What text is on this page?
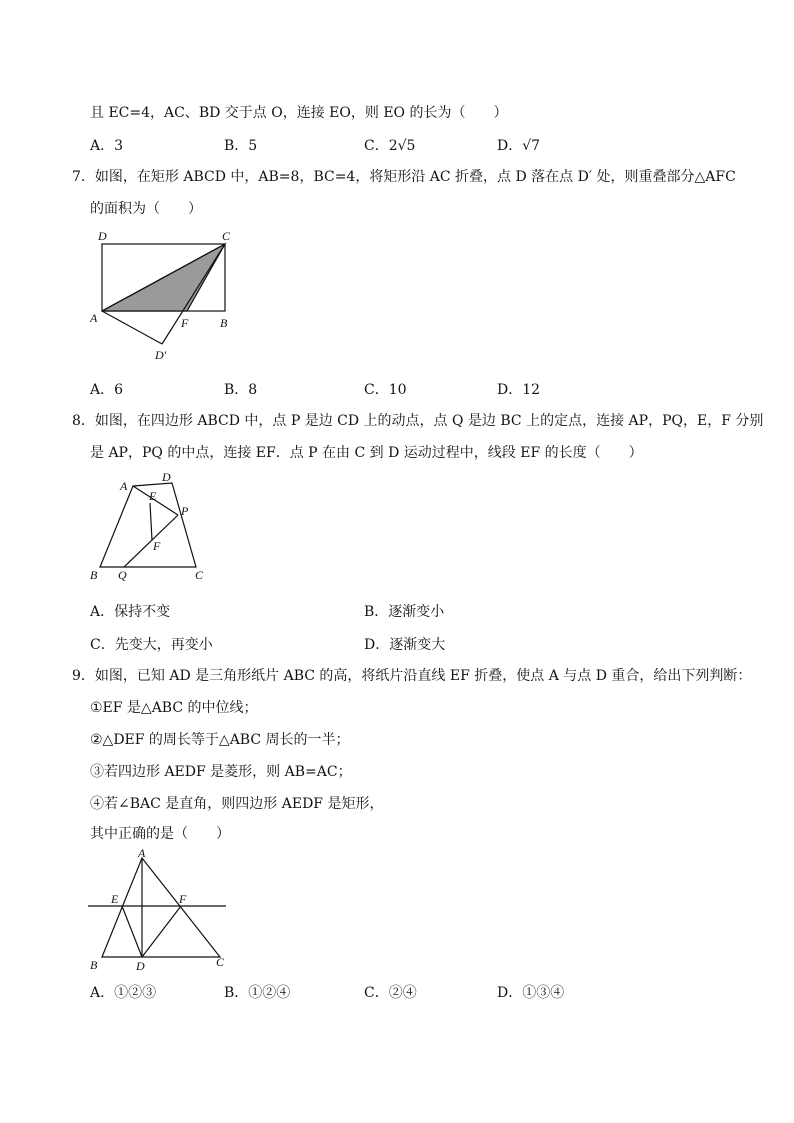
且 EC=4，AC、BD 交于点 O，连接 EO，则 EO 的长为（　　）
A．3	B．5	C．2√5	D．√7
7．如图，在矩形 ABCD 中，AB=8，BC=4，将矩形沿 AC 折叠，点 D 落在点 D′ 处，则重叠部分△AFC
的面积为（　　）
D	C
A	F	B
D′
A．6	B．8	C．10	D．12
8．如图，在四边形 ABCD 中，点 P 是边 CD 上的动点，点 Q 是边 BC 上的定点，连接 AP，PQ，E，F 分别
是 AP，PQ 的中点，连接 EF．点 P 在由 C 到 D 运动过程中，线段 EF 的长度（　　）
A
D
E
P
F
B Q	C
A．保持不变	B．逐渐变小
C．先变大，再变小	D．逐渐变大
9．如图，已知 AD 是三角形纸片 ABC 的高，将纸片沿直线 EF 折叠，使点 A 与点 D 重合，给出下列判断：
①EF 是△ABC 的中位线；
②△DEF 的周长等于△ABC 周长的一半；
③若四边形 AEDF 是菱形，则 AB=AC；
④若∠BAC 是直角，则四边形 AEDF 是矩形，
其中正确的是（　　）
A
E	F
B	D	C
A．①②③	B．①②④	C．②④	D．①③④
